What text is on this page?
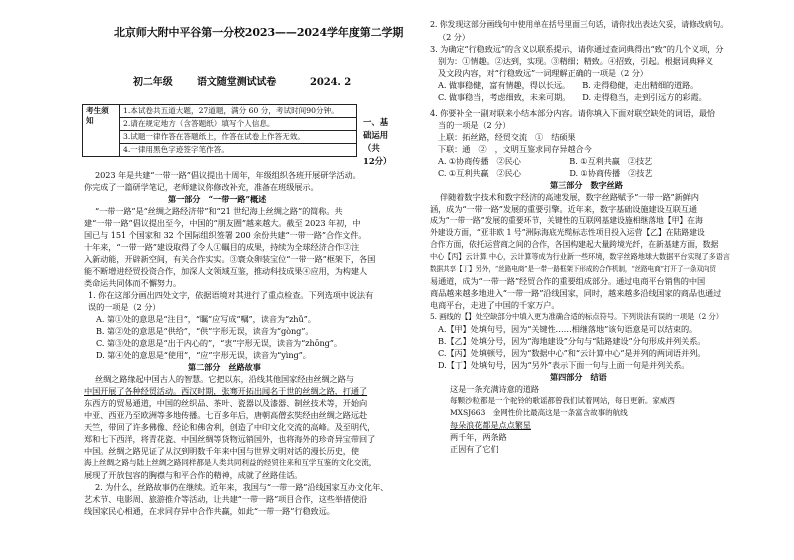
北京师大附中平谷第一分校2023——2024学年度第二学期
初二年级 语文随堂测试试卷	2024. 2
考生须知	1.本试卷共五道大题，27道题，满分 60 分，考试时间90分钟。
2.请在规定地方（含答题纸）填写个人信息。
3.试题一律作答在答题纸上，作答在试卷上作答无效。
4.一律用黑色字迹签字笔作答。
一、基础运用（共12分）
2023 年是共建“一带一路”倡议提出十周年，年级组织各班开展研学活动。
你完成了一篇研学笔记，老师建议你修改补充，准备在班级展示。
第一部分　“一带一路”概述
“一带一路”是“丝绸之路经济带”和“21 世纪海上丝绸之路”的简称。共
建“一带一路”倡议提出至今，中国的“朋友圈”越来越大。截至 2023 年初，中
国已与 151 个国家和 32 个国际组织签署 200 余份共建“一带一路”合作文件。
十年来，“一带一路”建设取得了令人①瞩目的成果，持续为全球经济合作②注
入新动能，开辟新空间，有关合作实实。③寰众卵装宝位“一带一路”框架下，各国
能不断增进经贸投资合作，加深人文领域互鉴，推动科技成果④应用，为构建人
类命运共同体而不懈努力。
1. 你在这部分画出四处文字，依据语境对其进行了重点检查。下列选项中说法有
误的一项是（2 分）
A. 第①处的意思是“注目”，“瞩”应写成“嘱”，读音为“zhǔ”。
B. 第②处的意思是“供给”，“供”字形无误，读音为“gòng”。
C. 第③处的意思是“出于内心的”，“衷”字形无误，读音为“zhōng”。
D. 第④处的意思是“使用”，“应”字形无误，读音为“yìng”。
第二部分　丝路故事
丝绸之路缘起中国古人的智慧。它把以东，沿线其他国家经由丝绸之路与
中国开展了各种经贸活动。西汉时期，张骞开拓出闻名于世的丝绸之路，打通了
东西方的贸易通道，中国的丝织品、茶叶、瓷器以及漆器、制丝技术等，开始向
中亚、西亚乃至欧洲等多地传播。七百多年后，唐朝高僧玄奘经由丝绸之路远赴
天竺，带回了许多佛像、经论和佛舍利，创造了中印文化交流的高峰。及至明代，
郑和七下西洋，将青花瓷、中国丝绸等货物远销国外，也将海外的珍奇异宝带回了
中国。丝绸之路见证了从汉到明数千年来中国与世界文明对话的漫长历史，使
海上丝绸之路与陆上丝绸之路同样都是人类共同利益的经贸往来和互学互鉴的文化交流，
展现了开放包容的胸襟与和平合作的精神，成就了丝路佳话。
2. 为什么，丝路故事仍在继续。近年来，我国与“一带一路”沿线国家互办文化年、
艺术节、电影周、旅游推介等活动，让共建“一带一路”项目合作，这些举措使沿
线国家民心相通，在求同存异中合作共赢，如此“一带一路”行稳致远。
2. 你发现这部分画线句中使用单在括号里面三句话，请你找出表达欠妥，请修改病句。
（2 分）
3. 为确定“行稳致远”的含义以联系提示，请你通过查词典得出“致”的几个义项，分
别为：①情趣。②达到，实现。③精细；精致。④招致，引起。根据词典释义
及文段内容，对“行稳致远”一词理解正确的一项是（2 分）
A. 做事稳健，富有情趣，得以长远。　　B. 走得稳健，走出精细的道路。
C. 做事稳当，考虑细致，未来可期。　　D. 走得稳当，走到引远方的彩霞。
4. 你要补全一副对联来小结本部分内容。请你填入下面对联空缺处的词语，最恰
当的一项是（2 分）
上联：拓丝路，经贸交流　①　结硕果
下联：通　②　，文明互鉴求同存异越合今
A. ①协商传播　②民心　　　　　　B. ①互利共赢　②技艺
C. ①互利共赢　②民心　　　　　　D. ①协商传播　②技艺
第三部分　数字丝路
伴随着数字技术和数字经济的高速发展，数字丝路赋予“一带一路”新鲜内
涵，成为“一带一路”发展的重要引擎。近年来，数字基础设施建设互联互通
成为“一带一路”发展的重要环节，关键性的互联网基建设施相继落地【甲】在海
外建设方面，“亚非欧 1 号”洲际海底光缆标志性项目投入运营【乙】在陆路建设
合作方面，依托运营商之间的合作，各国构建起大量跨境光纤，在新基建方面，数据
中心【丙】云计算 中心，云计算等成为行业新一些环境，数字丝路地球大数据平台实现了多语言
数据共享【丁】另外，“丝路电商”是一带一路框架下形成的合作机制，“丝路电商”打开了一条双向贸
易通道，成为“一带一路”经贸合作的重要组成部分。通过电商平台销售的中国
商品越来越多地进入“一带一路”沿线国家，同时，越来越多沿线国家的商品也通过
电商平台，走进了中国的千家万户。
5. 画线的【】处空缺部分中填入更为准确合适的标点符号。下列说法有误的一项是（2 分）
A.【甲】处填句号，因为“关键性……相继落地”该句语意是可以结束的。
B.【乙】处填分号，因为“海地建设”分句与“陆路建设”分句形成并列关系。
C.【丙】处填顿号，因为“数据中心”和“云计算中心”是并列的两词语并列。
D.【丁】处填句号，因为“另外”表示下面一句与上面一句是并列关系。
第四部分　结语
这是一条充满诗意的道路
每颗沙粒都是一个驼铃的歌谣都曾我们试着网站，每日更新。家威西
MXSJ663　金网性价比最高这是一条富含故事的航线
每朵浪花都是点点繁星
两千年，两条路
正因有了它们
